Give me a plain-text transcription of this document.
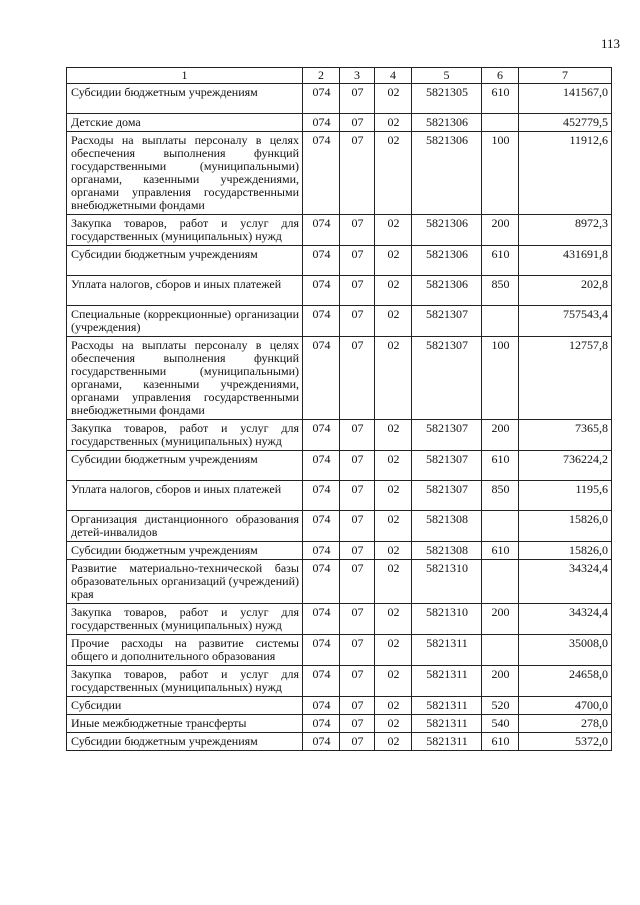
113
1	2	3	4	5	6	7
Субсидии бюджетным учреждениям	074	07	02	5821305	610	141567,0
Детские дома	074	07	02	5821306		452779,5
Расходы на выплаты персоналу в целях обеспечения выполнения функций государственными (муниципальными) органами, казенными учреждениями, органами управления государственными внебюджетными фондами	074	07	02	5821306	100	11912,6
Закупка товаров, работ и услуг для государственных (муниципальных) нужд	074	07	02	5821306	200	8972,3
Субсидии бюджетным учреждениям	074	07	02	5821306	610	431691,8
Уплата налогов, сборов и иных платежей	074	07	02	5821306	850	202,8
Специальные (коррекционные) организации (учреждения)	074	07	02	5821307		757543,4
Расходы на выплаты персоналу в целях обеспечения выполнения функций государственными (муниципальными) органами, казенными учреждениями, органами управления государственными внебюджетными фондами	074	07	02	5821307	100	12757,8
Закупка товаров, работ и услуг для государственных (муниципальных) нужд	074	07	02	5821307	200	7365,8
Субсидии бюджетным учреждениям	074	07	02	5821307	610	736224,2
Уплата налогов, сборов и иных платежей	074	07	02	5821307	850	1195,6
Организация дистанционного образования детей-инвалидов	074	07	02	5821308		15826,0
Субсидии бюджетным учреждениям	074	07	02	5821308	610	15826,0
Развитие материально-технической базы образовательных организаций (учреждений) края	074	07	02	5821310		34324,4
Закупка товаров, работ и услуг для государственных (муниципальных) нужд	074	07	02	5821310	200	34324,4
Прочие расходы на развитие системы общего и дополнительного образования	074	07	02	5821311		35008,0
Закупка товаров, работ и услуг для государственных (муниципальных) нужд	074	07	02	5821311	200	24658,0
Субсидии	074	07	02	5821311	520	4700,0
Иные межбюджетные трансферты	074	07	02	5821311	540	278,0
Субсидии бюджетным учреждениям	074	07	02	5821311	610	5372,0
